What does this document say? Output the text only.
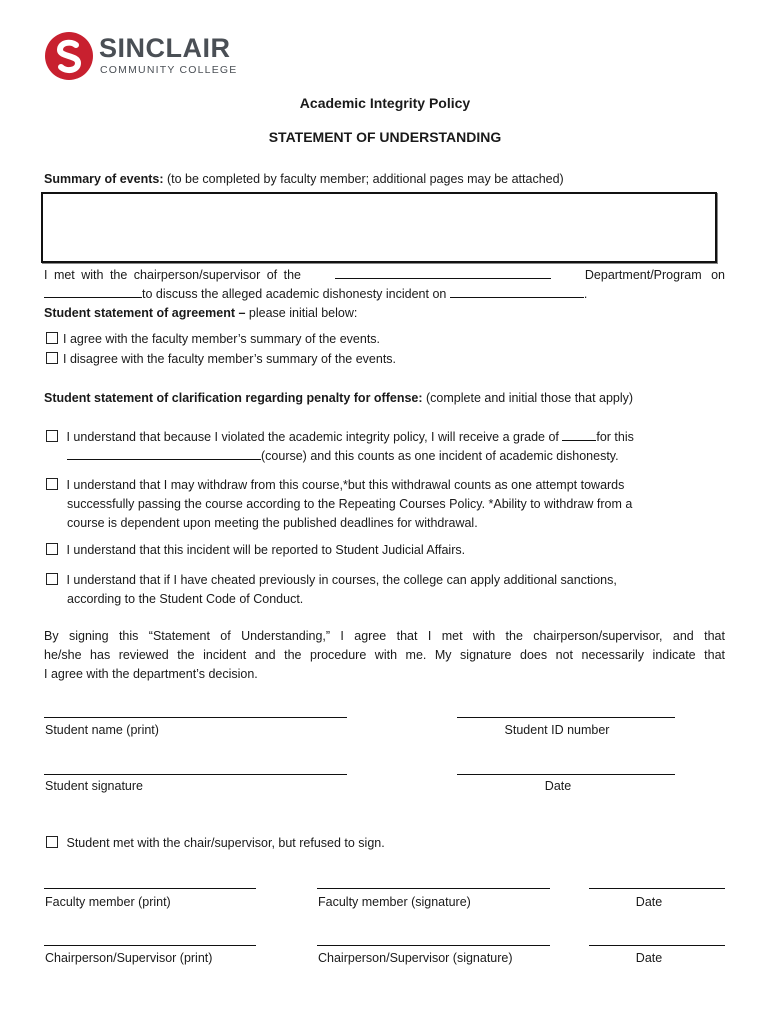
SINCLAIR
COMMUNITY COLLEGE
Academic Integrity Policy
STATEMENT OF UNDERSTANDING
Summary of events: (to be completed by faculty member; additional pages may be attached)
I met with the chairperson/supervisor of the	Department/Program on
to discuss the alleged academic dishonesty incident on	.
Student statement of agreement – please initial below:
I agree with the faculty member’s summary of the events.
I disagree with the faculty member’s summary of the events.
Student statement of clarification regarding penalty for offense: (complete and initial those that apply)
I understand that because I violated the academic integrity policy, I will receive a grade of	for this
(course) and this counts as one incident of academic dishonesty.
I understand that I may withdraw from this course,*but this withdrawal counts as one attempt towards
successfully passing the course according to the Repeating Courses Policy. *Ability to withdraw from a
course is dependent upon meeting the published deadlines for withdrawal.
I understand that this incident will be reported to Student Judicial Affairs.
I understand that if I have cheated previously in courses, the college can apply additional sanctions,
according to the Student Code of Conduct.
By signing this “Statement of Understanding,” I agree that I met with the chairperson/supervisor, and that
he/she has reviewed the incident and the procedure with me. My signature does not necessarily indicate that
I agree with the department’s decision.
Student name (print)	Student ID number
Student signature	Date
Student met with the chair/supervisor, but refused to sign.
Faculty member (print)	Faculty member (signature)	Date
Chairperson/Supervisor (print)	Chairperson/Supervisor (signature)	Date
